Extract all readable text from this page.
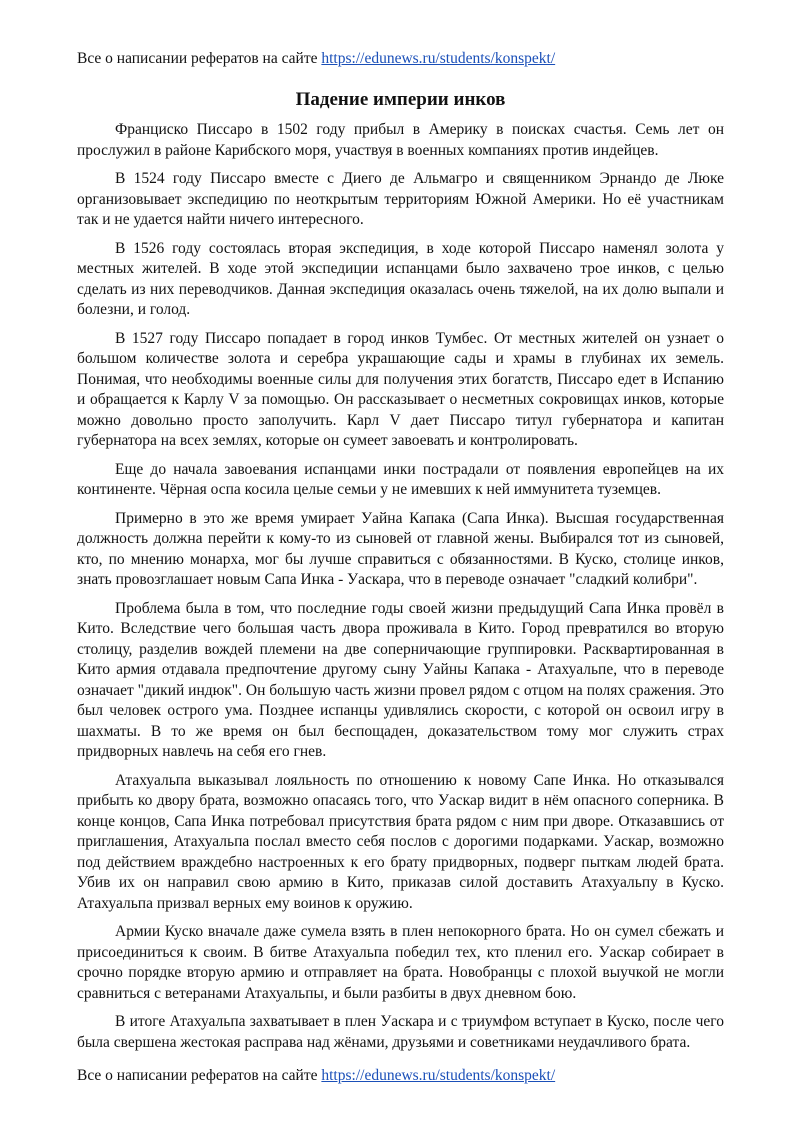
Все о написании рефератов на сайте https://edunews.ru/students/konspekt/
Падение империи инков

Франциско Писсаро в 1502 году прибыл в Америку в поисках счастья. Семь лет он прослужил в районе Карибского моря, участвуя в военных компаниях против индейцев.

В 1524 году Писсаро вместе с Диего де Альмагро и священником Эрнандо де Люке организовывает экспедицию по неоткрытым территориям Южной Америки. Но её участникам так и не удается найти ничего интересного.

В 1526 году состоялась вторая экспедиция, в ходе которой Писсаро наменял золота у местных жителей. В ходе этой экспедиции испанцами было захвачено трое инков, с целью сделать из них переводчиков. Данная экспедиция оказалась очень тяжелой, на их долю выпали и болезни, и голод.

В 1527 году Писсаро попадает в город инков Тумбес. От местных жителей он узнает о большом количестве золота и серебра украшающие сады и храмы в глубинах их земель. Понимая, что необходимы военные силы для получения этих богатств, Писсаро едет в Испанию и обращается к Карлу V за помощью. Он рассказывает о несметных сокровищах инков, которые можно довольно просто заполучить. Карл V дает Писсаро титул губернатора и капитан губернатора на всех землях, которые он сумеет завоевать и контролировать.

Еще до начала завоевания испанцами инки пострадали от появления европейцев на их континенте. Чёрная оспа косила целые семьи у не имевших к ней иммунитета туземцев.

Примерно в это же время умирает Уайна Капака (Сапа Инка). Высшая государственная должность должна перейти к кому-то из сыновей от главной жены. Выбирался тот из сыновей, кто, по мнению монарха, мог бы лучше справиться с обязанностями. В Куско, столице инков, знать провозглашает новым Сапа Инка - Уаскара, что в переводе означает "сладкий колибри".

Проблема была в том, что последние годы своей жизни предыдущий Сапа Инка провёл в Кито. Вследствие чего большая часть двора проживала в Кито. Город превратился во вторую столицу, разделив вождей племени на две соперничающие группировки. Расквартированная в Кито армия отдавала предпочтение другому сыну Уайны Капака - Атахуальпе, что в переводе означает "дикий индюк". Он большую часть жизни провел рядом с отцом на полях сражения. Это был человек острого ума. Позднее испанцы удивлялись скорости, с которой он освоил игру в шахматы. В то же время он был беспощаден, доказательством тому мог служить страх придворных навлечь на себя его гнев.

Атахуальпа выказывал лояльность по отношению к новому Сапе Инка. Но отказывался прибыть ко двору брата, возможно опасаясь того, что Уаскар видит в нём опасного соперника. В конце концов, Сапа Инка потребовал присутствия брата рядом с ним при дворе. Отказавшись от приглашения, Атахуальпа послал вместо себя послов с дорогими подарками. Уаскар, возможно под действием враждебно настроенных к его брату придворных, подверг пыткам людей брата. Убив их он направил свою армию в Кито, приказав силой доставить Атахуальпу в Куско. Атахуальпа призвал верных ему воинов к оружию.

Армии Куско вначале даже сумела взять в плен непокорного брата. Но он сумел сбежать и присоединиться к своим. В битве Атахуальпа победил тех, кто пленил его. Уаскар собирает в срочно порядке вторую армию и отправляет на брата. Новобранцы с плохой выучкой не могли сравниться с ветеранами Атахуальпы, и были разбиты в двух дневном бою.

В итоге Атахуальпа захватывает в плен Уаскара и с триумфом вступает в Куско, после чего была свершена жестокая расправа над жёнами, друзьями и советниками неудачливого брата.

Все о написании рефератов на сайте https://edunews.ru/students/konspekt/
